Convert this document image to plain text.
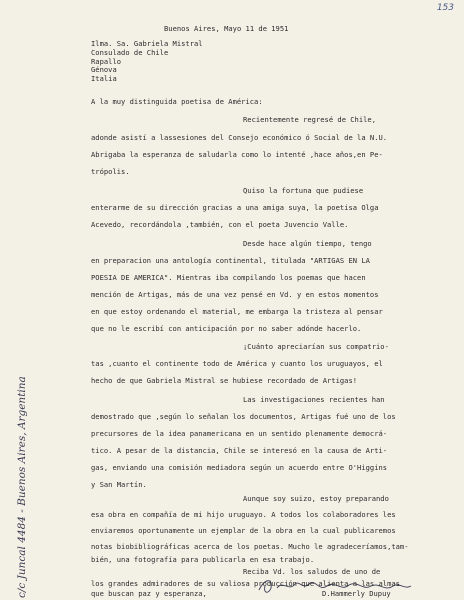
153
Buenos Aires, Mayo 11 de 1951
Ilma. Sa. Gabriela Mistral
Consulado de Chile
Rapallo
Génova
Italia
A la muy distinguida poetisa de América:
Recientemente regresé de Chile,
adonde asistí a lassesiones del Consejo económico ó Social de la N.U.
Abrigaba la esperanza de saludarla como lo intenté ,hace años,en Pe-
trópolis.
Quiso la fortuna que pudiese
enterarme de su dirección gracias a una amiga suya, la poetisa Olga
Acevedo, recordándola ,también, con el poeta Juvencio Valle.
Desde hace algún tiempo, tengo
en preparacion una antología continental, titulada "ARTIGAS EN LA
POESIA DE AMERICA". Mientras iba compilando los poemas que hacen
mención de Artigas, más de una vez pensé en Vd. y en estos momentos
en que estoy ordenando el material, me embarga la tristeza al pensar
que no le escribí con anticipación por no saber adónde hacerlo.
¡Cuánto apreciarían sus compatrio-
tas ,cuanto el continente todo de América y cuanto los uruguayos, el
hecho de que Gabriela Mistral se hubiese recordado de Artigas!
Las investigaciones recientes han
demostrado que ,según lo señalan los documentos, Artigas fué uno de los
precursores de la idea panamericana en un sentido plenamente democrá-
tico. A pesar de la distancia, Chile se interesó en la causa de Arti-
gas, enviando una comisión mediadora según un acuerdo entre O'Higgins
y San Martín.
Aunque soy suizo, estoy preparando
esa obra en compañía de mi hijo uruguayo. A todos los colaboradores les
enviaremos oportunamente un ejemplar de la obra en la cual publicaremos
notas biobibliográficas acerca de los poetas. Mucho le agradeceríamos,tam-
bién, una fotografía para publicarla en esa trabajo.
c/c Juncal 4484 - Buenos Aires, Argentina	Reciba Vd. los saludos de uno de
los grandes admiradores de su valiosa producción que alienta a las almas
que buscan paz y esperanza,	D.Hammerly Dupuy
